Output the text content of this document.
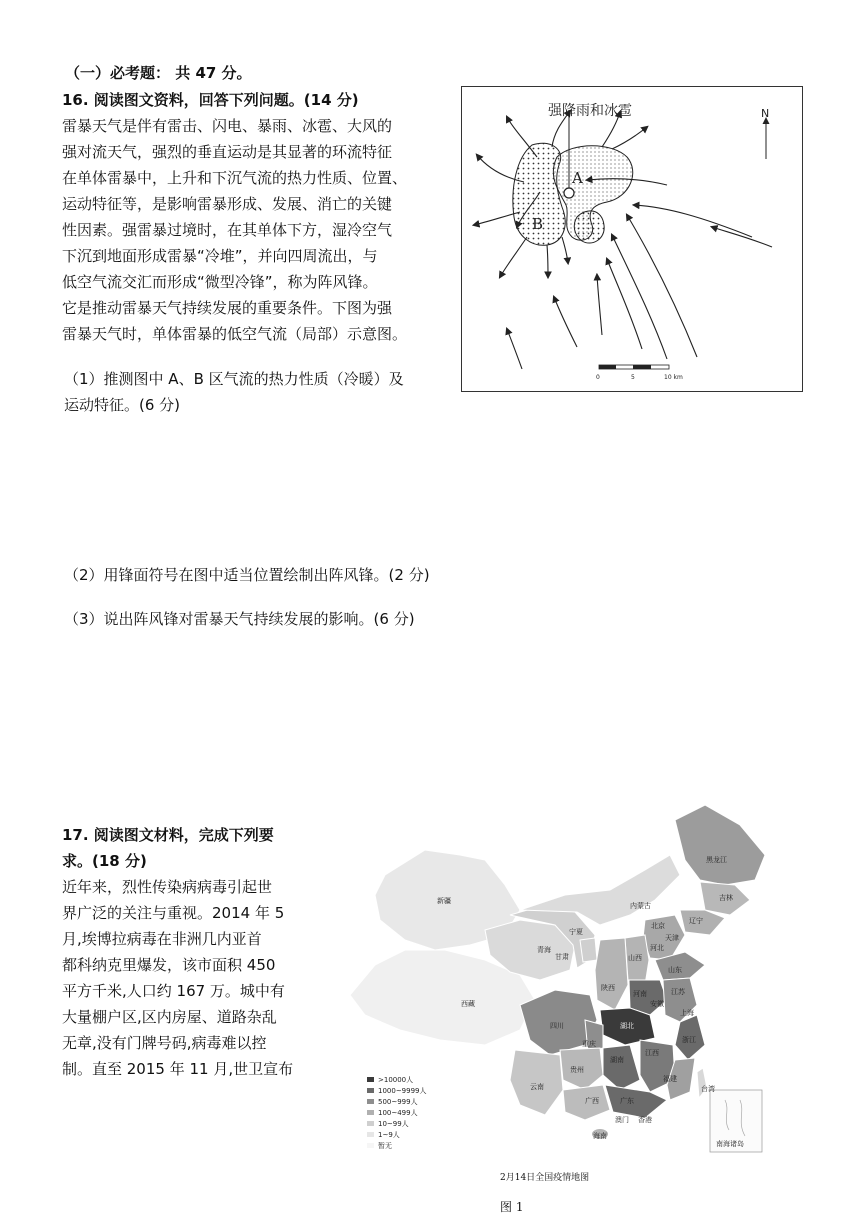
（一）必考题： 共 47 分。
16. 阅读图文资料，回答下列问题。(14 分)
雷暴天气是伴有雷击、闪电、暴雨、冰雹、大风的
强对流天气，强烈的垂直运动是其显著的环流特征
在单体雷暴中，上升和下沉气流的热力性质、位置、
运动特征等，是影响雷暴形成、发展、消亡的关键
性因素。强雷暴过境时，在其单体下方，湿冷空气
下沉到地面形成雷暴“冷堆”，并向四周流出，与
低空气流交汇而形成“微型冷锋”，称为阵风锋。
它是推动雷暴天气持续发展的重要条件。下图为强
雷暴天气时，单体雷暴的低空气流（局部）示意图。
（1）推测图中 A、B 区气流的热力性质（冷暖）及
运动特征。(6 分)
（2）用锋面符号在图中适当位置绘制出阵风锋。(2 分)
（3）说出阵风锋对雷暴天气持续发展的影响。(6 分)
N
强降雨和冰雹
A
B
0	5	10 km
17. 阅读图文材料，完成下列要
求。(18 分)
近年来，烈性传染病病毒引起世
界广泛的关注与重视。2014 年 5
月,埃博拉病毒在非洲几内亚首
都科纳克里爆发，该市面积 450
平方千米,人口约 167 万。城中有
大量棚户区,区内房屋、道路杂乱
无章,没有门牌号码,病毒难以控
制。直至 2015 年 11 月,世卫宣布
南海诸岛
新疆
西藏
青海
甘肃
内蒙古
黑龙江
吉林
辽宁
北京
天津
河北
山西
山东
宁夏
陕西
河南	江苏
安徽
上海
湖北
四川
重庆	浙江
湖南
江西
贵州
云南
福建
台湾
广西	广东
澳门 香港
海南
>10000人
1000~9999人
500~999人
100~499人
10~99人
1~9人
暂无
2月14日全国疫情地图
图 1
